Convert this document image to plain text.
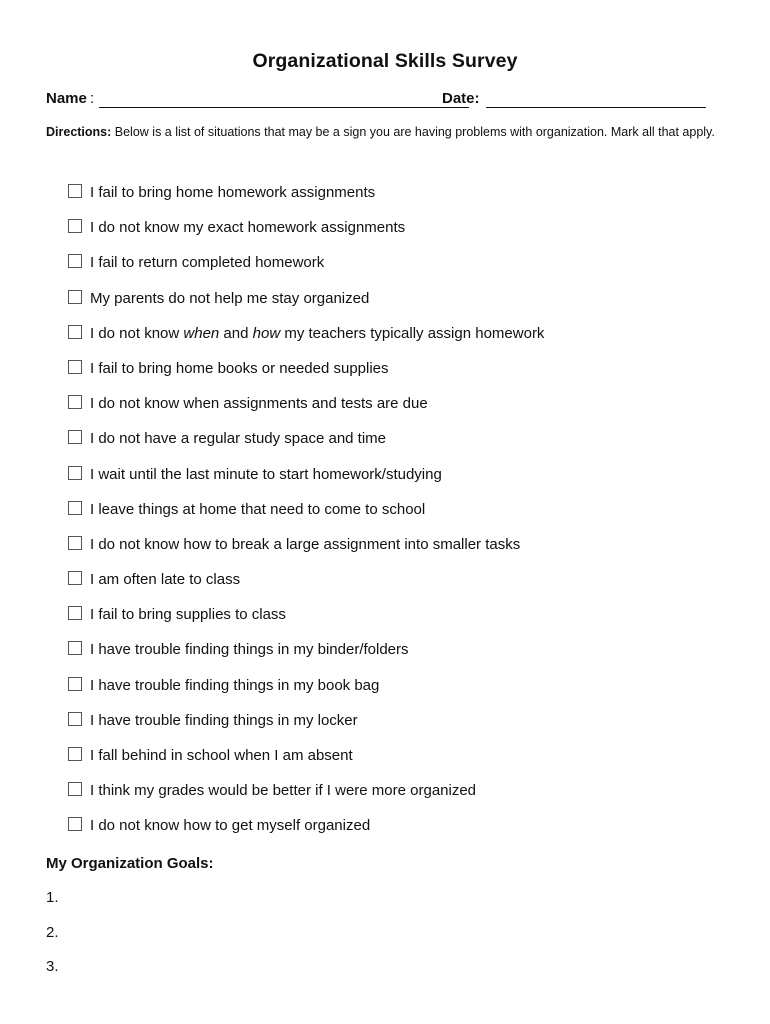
Organizational Skills Survey
Name :	Date:
Directions: Below is a list of situations that may be a sign you are having problems with organization. Mark all that apply.
I fail to bring home homework assignments
I do not know my exact homework assignments
I fail to return completed homework
My parents do not help me stay organized
I do not know when and how my teachers typically assign homework
I fail to bring home books or needed supplies
I do not know when assignments and tests are due
I do not have a regular study space and time
I wait until the last minute to start homework/studying
I leave things at home that need to come to school
I do not know how to break a large assignment into smaller tasks
I am often late to class
I fail to bring supplies to class
I have trouble finding things in my binder/folders
I have trouble finding things in my book bag
I have trouble finding things in my locker
I fall behind in school when I am absent
I think my grades would be better if I were more organized
I do not know how to get myself organized
My Organization Goals:
1.
2.
3.
